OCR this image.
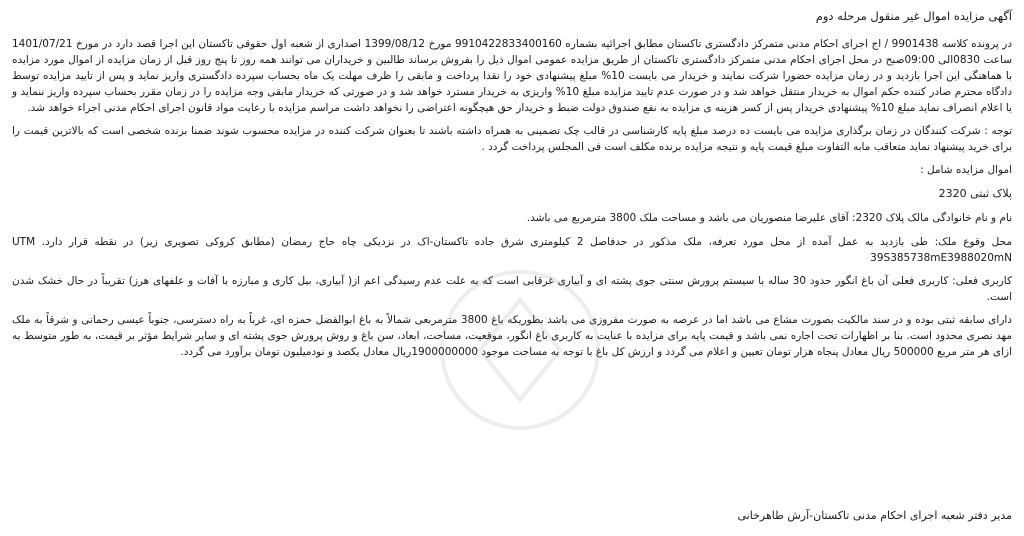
آگهی مزایده اموال غیر منقول مرحله دوم
در پرونده کلاسه 9901438 / اج اجرای احکام مدنی متمرکز دادگستری تاکستان مطابق اجرائیه بشماره 9910422833400160 مورخ 1399/08/12 اصداری از شعبه اول حقوقی تاکستان این اجرا قصد دارد در مورخ 1401/07/21 ساعت 0830الی 09:00صبح در محل اجرای احکام مدنی متمرکز دادگستری تاکستان از طریق مزایده عمومی اموال ذیل را بفروش برساند طالبین و خریداران می توانند همه روز تا پنج روز قبل از زمان مزایده از اموال مورد مزایده با هماهنگی این اجرا بازدید و در زمان مزایده حضورا شرکت نمایند و خریدار می بایست 10% مبلغ پیشنهادی خود را نقدا پرداخت و مابقی را ظرف مهلت یک ماه بحساب سپرده دادگستری واریز نماید و پس از تایید مزایده توسط دادگاه محترم صادر کننده حکم اموال به خریدار منتقل خواهد شد و در صورت عدم تایید مزایده مبلغ 10% واریزی به خریدار مسترد خواهد شد و در صورتی که خریدار مابقی وجه مزایده را در زمان مقرر بحساب سپرده واریز ننماید و یا اعلام انصراف نماید مبلغ 10% پیشنهادی خریدار پس از کسر هزینه ی مزایده به نفع صندوق دولت ضبط و خریدار حق هیچگونه اعتراضی را نخواهد داشت مراسم مزایده با رعایت مواد قانون اجرای احکام مدنی اجراء خواهد شد.
توجه : شرکت کنندگان در زمان برگذاری مزایده می بایست ده درصد مبلغ پایه کارشناسی در قالب چک تضمینی به همراه داشته باشند تا بعنوان شرکت کننده در مزایده محسوب شوند ضمنا برنده شخصی است که بالاترین قیمت را برای خرید پیشنهاد نماید متعاقب مابه التفاوت مبلغ قیمت پایه و نتیجه مزایده برنده مکلف است فی المجلس پرداخت گردد .
اموال مزایده شامل :
پلاک ثبتی 2320
نام و نام خانوادگی مالک پلاک 2320: آقای علیرضا منصوریان می باشد و مساحت ملک 3800 مترمربع می باشد.
محل وقوع ملک: طی بازدید به عمل آمده از محل مورد تعرفه، ملک مذکور در حدفاصل 2 کیلومتری شرق جاده تاکستان-اک در نزدیکی چاه حاج رمضان (مطابق کروکی تصویری زیر) در نقطه قرار دارد. UTM 39S385738mE3988020mN
کاربری فعلی: کاربری فعلی آن باغ انگور حدود 30 ساله با سیستم پرورش سنتی جوی پشته ای و آبیاری غرقابی است که به علت عدم رسیدگی اعم از( آبیاری، بیل کاری و مبارزه با آفات و علفهای هرز) تقریباً در حال خشک شدن است.
دارای سابقه ثبتی بوده و در سند مالکیت بصورت مشاع می باشد اما در عرصه به صورت مفروزی می باشد بطوریکه باغ 3800 مترمربعی شمالاً به باغ ابوالفضل حمزه ای، غرباً به راه دسترسی، جنوباً عیسی رحمانی و شرقاً به ملک مهد نصری محدود است. بنا بر اظهارات تحت اجاره نمی باشد و قیمت پایه برای مزایده با عنایت به کاربری باغ انگور، موقعیت، مساحت، ابعاد، سن باغ و روش پرورش جوی پشته ای و سایر شرایط مؤثر بر قیمت، به طور متوسط به ازای هر متر مربع 500000 ریال معادل پنجاه هزار تومان تعیین و اعلام می گردد و ارزش کل باغ با توجه به مساحت موجود 1900000000ریال معادل یکصد و نودمیلیون تومان برآورد می گردد.
مدیر دفتر شعبه اجرای احکام مدنی تاکستان-آرش طاهرخانی
